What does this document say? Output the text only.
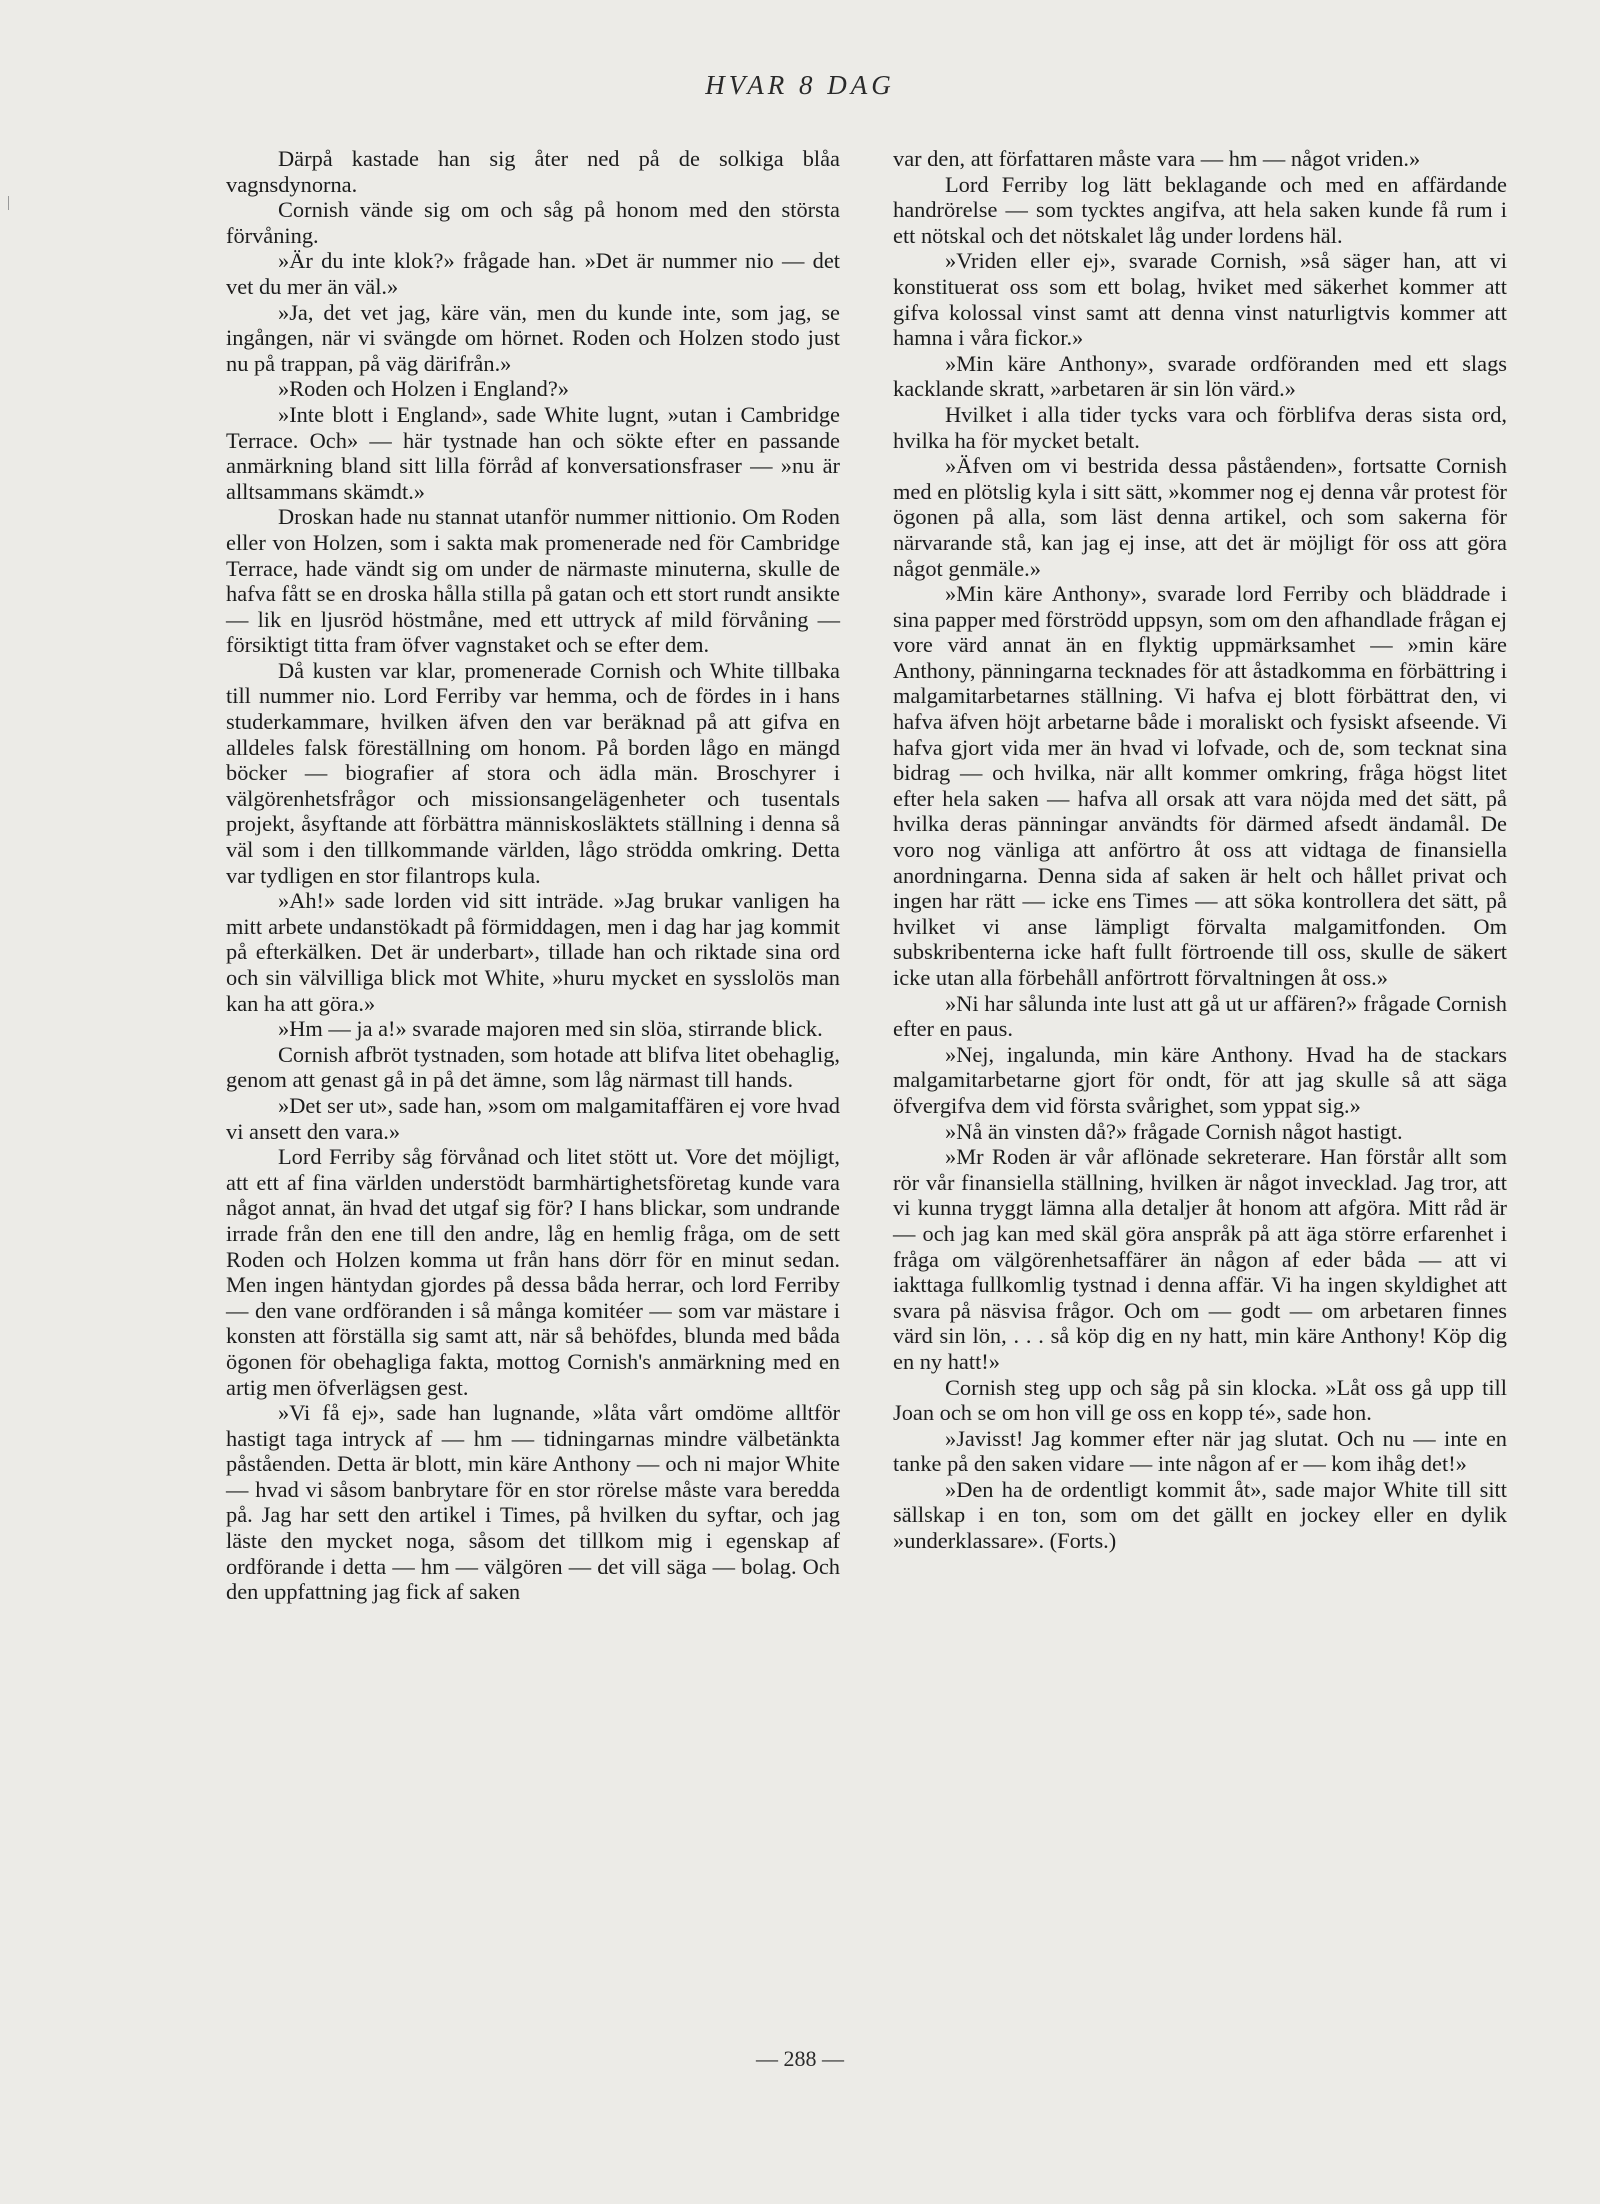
HVAR 8 DAG

Därpå kastade han sig åter ned på de solkiga blåa vagnsdynorna.

Cornish vände sig om och såg på honom med den största förvåning.

»Är du inte klok?» frågade han. »Det är nummer nio — det vet du mer än väl.»

»Ja, det vet jag, käre vän, men du kunde inte, som jag, se ingången, när vi svängde om hörnet. Roden och Holzen stodo just nu på trappan, på väg därifrån.»

»Roden och Holzen i England?»

»Inte blott i England», sade White lugnt, »utan i Cambridge Terrace. Och» — här tystnade han och sökte efter en passande anmärkning bland sitt lilla förråd af konversationsfraser — »nu är alltsammans skämdt.»

Droskan hade nu stannat utanför nummer nittionio. Om Roden eller von Holzen, som i sakta mak promenerade ned för Cambridge Terrace, hade vändt sig om under de närmaste minuterna, skulle de hafva fått se en droska hålla stilla på gatan och ett stort rundt ansikte — lik en ljusröd höstmåne, med ett uttryck af mild förvåning — försiktigt titta fram öfver vagnstaket och se efter dem.

Då kusten var klar, promenerade Cornish och White tillbaka till nummer nio. Lord Ferriby var hemma, och de fördes in i hans studerkammare, hvilken äfven den var beräknad på att gifva en alldeles falsk föreställning om honom. På borden lågo en mängd böcker — biografier af stora och ädla män. Broschyrer i välgörenhetsfrågor och missionsangelägenheter och tusentals projekt, åsyftande att förbättra människosläktets ställning i denna så väl som i den tillkommande världen, lågo strödda omkring. Detta var tydligen en stor filantrops kula.

»Ah!» sade lorden vid sitt inträde. »Jag brukar vanligen ha mitt arbete undanstökadt på förmiddagen, men i dag har jag kommit på efterkälken. Det är underbart», tillade han och riktade sina ord och sin välvilliga blick mot White, »huru mycket en sysslolös man kan ha att göra.»

»Hm — ja a!» svarade majoren med sin slöa, stirrande blick.

Cornish afbröt tystnaden, som hotade att blifva litet obehaglig, genom att genast gå in på det ämne, som låg närmast till hands.

»Det ser ut», sade han, »som om malgamitaffären ej vore hvad vi ansett den vara.»

Lord Ferriby såg förvånad och litet stött ut. Vore det möjligt, att ett af fina världen understödt barmhärtighetsföretag kunde vara något annat, än hvad det utgaf sig för? I hans blickar, som undrande irrade från den ene till den andre, låg en hemlig fråga, om de sett Roden och Holzen komma ut från hans dörr för en minut sedan. Men ingen häntydan gjordes på dessa båda herrar, och lord Ferriby — den vane ordföranden i så många komitéer — som var mästare i konsten att förställa sig samt att, när så behöfdes, blunda med båda ögonen för obehagliga fakta, mottog Cornish's anmärkning med en artig men öfverlägsen gest.

»Vi få ej», sade han lugnande, »låta vårt omdöme alltför hastigt taga intryck af — hm — tidningarnas mindre välbetänkta påståenden. Detta är blott, min käre Anthony — och ni major White — hvad vi såsom banbrytare för en stor rörelse måste vara beredda på. Jag har sett den artikel i Times, på hvilken du syftar, och jag läste den mycket noga, såsom det tillkom mig i egenskap af ordförande i detta — hm — välgören — det vill säga — bolag. Och den uppfattning jag fick af saken

var den, att författaren måste vara — hm — något vriden.»

Lord Ferriby log lätt beklagande och med en affärdande handrörelse — som tycktes angifva, att hela saken kunde få rum i ett nötskal och det nötskalet låg under lordens häl.

»Vriden eller ej», svarade Cornish, »så säger han, att vi konstituerat oss som ett bolag, hviket med säkerhet kommer att gifva kolossal vinst samt att denna vinst naturligtvis kommer att hamna i våra fickor.»

»Min käre Anthony», svarade ordföranden med ett slags kacklande skratt, »arbetaren är sin lön värd.»

Hvilket i alla tider tycks vara och förblifva deras sista ord, hvilka ha för mycket betalt.

»Äfven om vi bestrida dessa påståenden», fortsatte Cornish med en plötslig kyla i sitt sätt, »kommer nog ej denna vår protest för ögonen på alla, som läst denna artikel, och som sakerna för närvarande stå, kan jag ej inse, att det är möjligt för oss att göra något genmäle.»

»Min käre Anthony», svarade lord Ferriby och bläddrade i sina papper med förströdd uppsyn, som om den afhandlade frågan ej vore värd annat än en flyktig uppmärksamhet — »min käre Anthony, pänningarna tecknades för att åstadkomma en förbättring i malgamitarbetarnes ställning. Vi hafva ej blott förbättrat den, vi hafva äfven höjt arbetarne både i moraliskt och fysiskt afseende. Vi hafva gjort vida mer än hvad vi lofvade, och de, som tecknat sina bidrag — och hvilka, när allt kommer omkring, fråga högst litet efter hela saken — hafva all orsak att vara nöjda med det sätt, på hvilka deras pänningar användts för därmed afsedt ändamål. De voro nog vänliga att anförtro åt oss att vidtaga de finansiella anordningarna. Denna sida af saken är helt och hållet privat och ingen har rätt — icke ens Times — att söka kontrollera det sätt, på hvilket vi anse lämpligt förvalta malgamitfonden. Om subskribenterna icke haft fullt förtroende till oss, skulle de säkert icke utan alla förbehåll anförtrott förvaltningen åt oss.»

»Ni har sålunda inte lust att gå ut ur affären?» frågade Cornish efter en paus.

»Nej, ingalunda, min käre Anthony. Hvad ha de stackars malgamitarbetarne gjort för ondt, för att jag skulle så att säga öfvergifva dem vid första svårighet, som yppat sig.»

»Nå än vinsten då?» frågade Cornish något hastigt.

»Mr Roden är vår aflönade sekreterare. Han förstår allt som rör vår finansiella ställning, hvilken är något invecklad. Jag tror, att vi kunna tryggt lämna alla detaljer åt honom att afgöra. Mitt råd är — och jag kan med skäl göra anspråk på att äga större erfarenhet i fråga om välgörenhetsaffärer än någon af eder båda — att vi iakttaga fullkomlig tystnad i denna affär. Vi ha ingen skyldighet att svara på näsvisa frågor. Och om — godt — om arbetaren finnes värd sin lön, . . . så köp dig en ny hatt, min käre Anthony! Köp dig en ny hatt!»

Cornish steg upp och såg på sin klocka. »Låt oss gå upp till Joan och se om hon vill ge oss en kopp té», sade hon.

»Javisst! Jag kommer efter när jag slutat. Och nu — inte en tanke på den saken vidare — inte någon af er — kom ihåg det!»

»Den ha de ordentligt kommit åt», sade major White till sitt sällskap i en ton, som om det gällt en jockey eller en dylik »underklassare». (Forts.)

— 288 —
